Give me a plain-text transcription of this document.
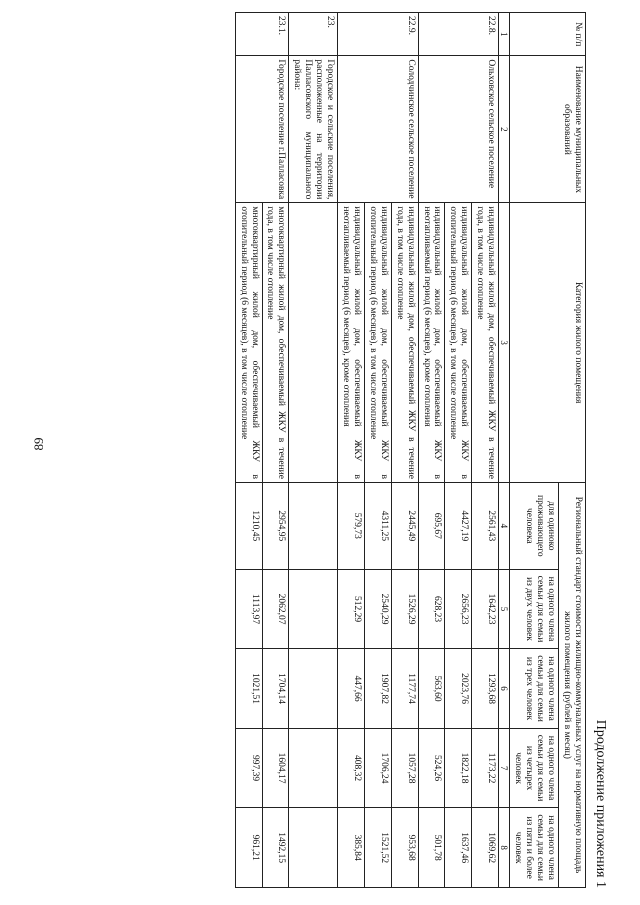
89
Продолжение приложения 1
№ п/п	Наименование муниципальных образований	Категория жилого помещения	Региональный стандарт стоимости жилищно-коммунальных услуг на нормативную площадь жилого помещения (рублей в месяц)				
			для одиноко проживающего человека	на одного члена семьи для семьи из двух человек	на одного члена семьи для семьи из трех человек	на одного члена семьи для семьи из четырех человек	на одного члена семьи для семьи из пяти и более человек
1	2	3	4	5	6	7	8
22.8.	Ольховское сельское поселение	индивидуальный жилой дом, обеспечиваемый ЖКУ в течение года, в том числе отопление	2561,43	1642,23	1293,68	1173,22	1069,62
		индивидуальный жилой дом, обеспечиваемый ЖКУ в отопительный период (6 месяцев), в том числе отопление	4427,19	2656,23	2023,76	1822,18	1637,46
		индивидуальный жилой дом, обеспечиваемый ЖКУ в неотапливаемый период (6 месяцев), кроме отопления	695,67	628,23	563,60	524,26	501,78
22.9.	Солодчинское сельское поселение	индивидуальный жилой дом, обеспечиваемый ЖКУ в течение года, в том числе отопление	2445,49	1526,29	1177,74	1057,28	953,68
		индивидуальный жилой дом, обеспечиваемый ЖКУ в отопительный период (6 месяцев), в том числе отопление	4311,25	2540,29	1907,82	1706,24	1521,52
		индивидуальный жилой дом, обеспечиваемый ЖКУ в неотапливаемый период (6 месяцев), кроме отопления	579,73	512,29	447,66	408,32	385,84
23.	Городское и сельские поселения, расположенные на территории Палласовского муниципального района:						
23.1.	Городское поселение г.Палласовка	многоквартирный жилой дом, обеспечиваемый ЖКУ в течение года, в том числе отопление	2954,95	2062,07	1704,14	1604,17	1492,15
		многоквартирный жилой дом, обеспечиваемый ЖКУ в отопительный период (6 месяцев), в том числе отопление	1210,45	1113,97	1021,51	997,39	961,21
